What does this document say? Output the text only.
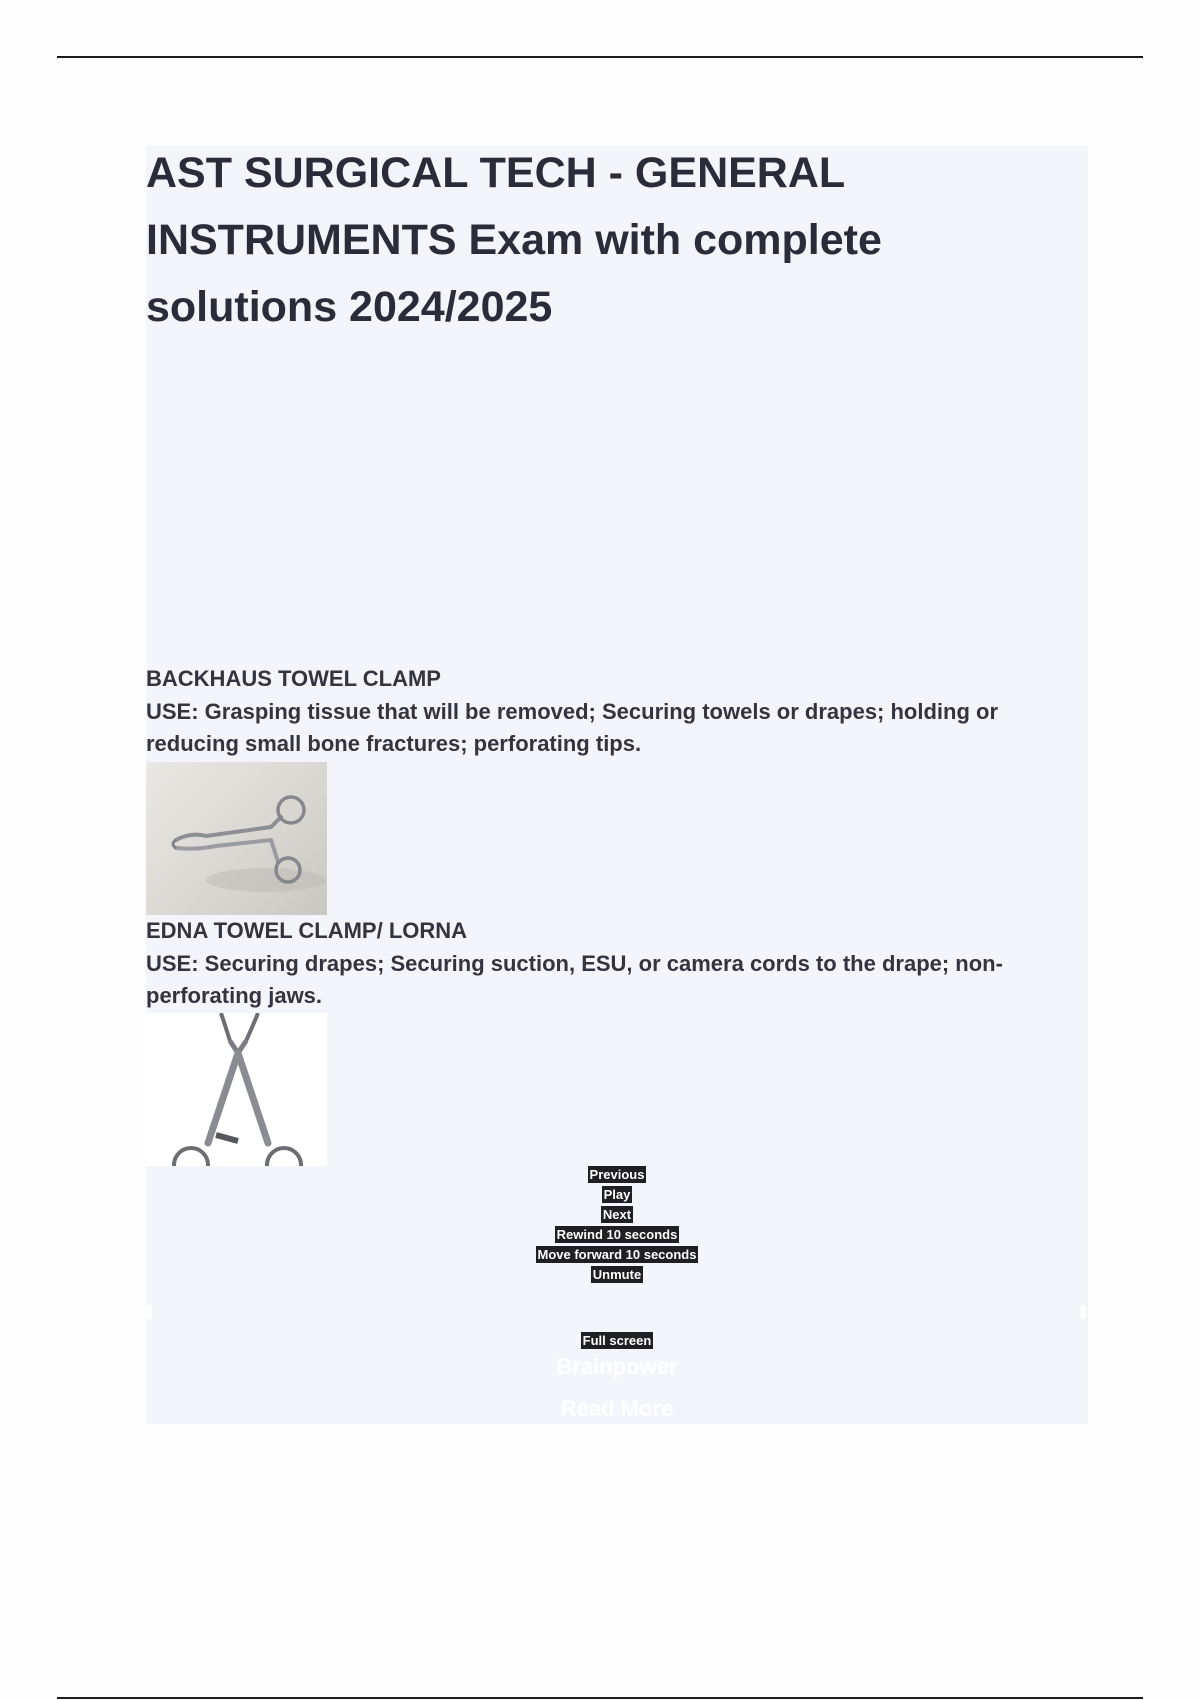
AST SURGICAL TECH - GENERAL INSTRUMENTS Exam with complete solutions 2024/2025

BACKHAUS TOWEL CLAMP

USE: Grasping tissue that will be removed; Securing towels or drapes; holding or reducing small bone fractures; perforating tips.

EDNA TOWEL CLAMP/ LORNA

USE: Securing drapes; Securing suction, ESU, or camera cords to the drape; non-perforating jaws.

Previous
Play
Next
Rewind 10 seconds
Move forward 10 seconds
Unmute
0:00
/ 0:00
Full screen
Brainpower
Read More
